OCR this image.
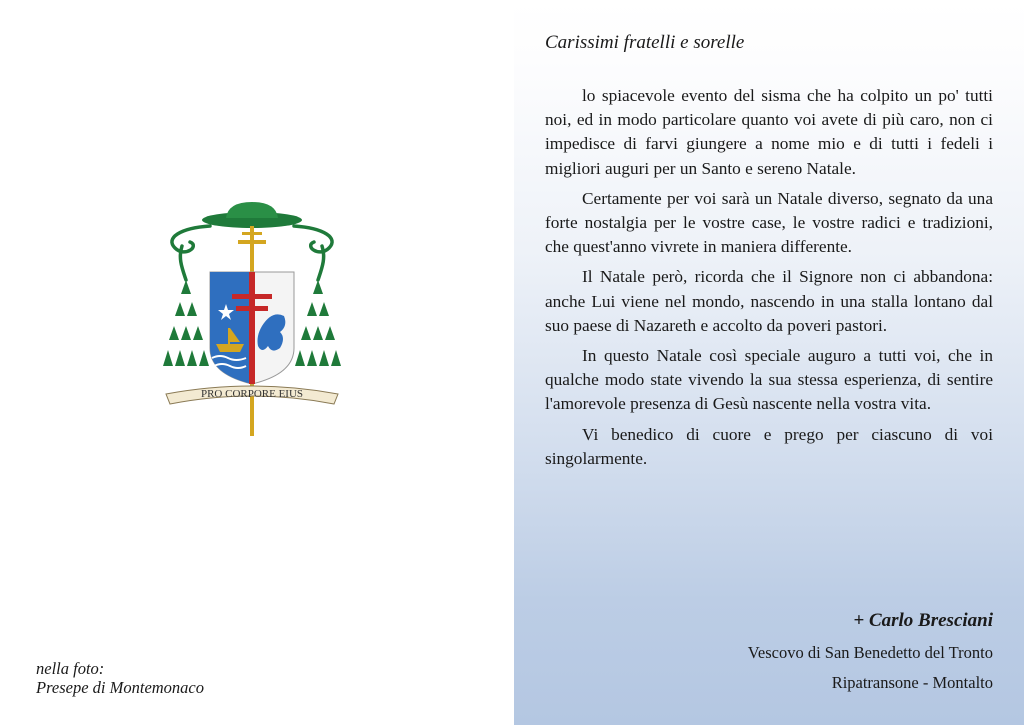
PRO CORPORE EIUS
nella foto:
Presepe di Montemonaco

Carissimi fratelli e sorelle

lo spiacevole evento del sisma che ha colpito un po' tutti noi, ed in modo particolare quanto voi avete di più caro, non ci impedisce di farvi giungere a nome mio e di tutti i fedeli i migliori auguri per un Santo e sereno Natale.

Certamente per voi sarà un Natale diverso, segnato da una forte nostalgia per le vostre case, le vostre radici e tradizioni, che quest'anno vivrete in maniera differente.

Il Natale però, ricorda che il Signore non ci abbandona: anche Lui viene nel mondo, nascendo in una stalla lontano dal suo paese di Nazareth e accolto da poveri pastori.

In questo Natale così speciale auguro a tutti voi, che in qualche modo state vivendo la sua stessa esperienza, di sentire l'amorevole presenza di Gesù nascente nella vostra vita.

Vi benedico di cuore e prego per ciascuno di voi singolarmente.

+ Carlo Bresciani
Vescovo di San Benedetto del Tronto
Ripatransone - Montalto
